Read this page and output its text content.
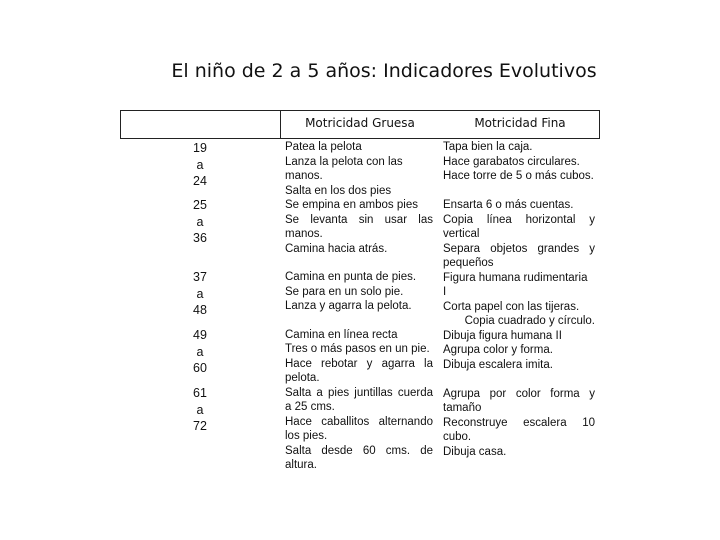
El niño de 2 a 5 años: Indicadores Evolutivos
Motricidad Gruesa	Motricidad Fina
19
a
24
25
a
36
37
a
48
49
a
60
61
a
72
Patea la pelota
Lanza la pelota con las
manos.
Salta en los dos pies
Se empina en ambos pies
Se levanta sin usar las
manos.
Camina hacia atrás.
Camina en punta de pies.
Se para en un solo pie.
Lanza y agarra la pelota.
Camina en línea recta
Tres o más pasos en un pie.
Hace rebotar y agarra la
pelota.
Salta a pies juntillas cuerda
a 25 cms.
Hace caballitos alternando
los pies.
Salta desde 60 cms. de
altura.
Tapa bien la caja.
Hace garabatos circulares.
Hace torre de 5 o más cubos.
Ensarta 6 o más cuentas.
Copia línea horizontal y
vertical
Separa objetos grandes y
pequeños
Figura humana rudimentaria
I
Corta papel con las tijeras.
Copia cuadrado y círculo.
Dibuja figura humana II
Agrupa color y forma.
Dibuja escalera imita.
Agrupa por color forma y
tamaño
Reconstruye escalera 10
cubo.
Dibuja casa.
